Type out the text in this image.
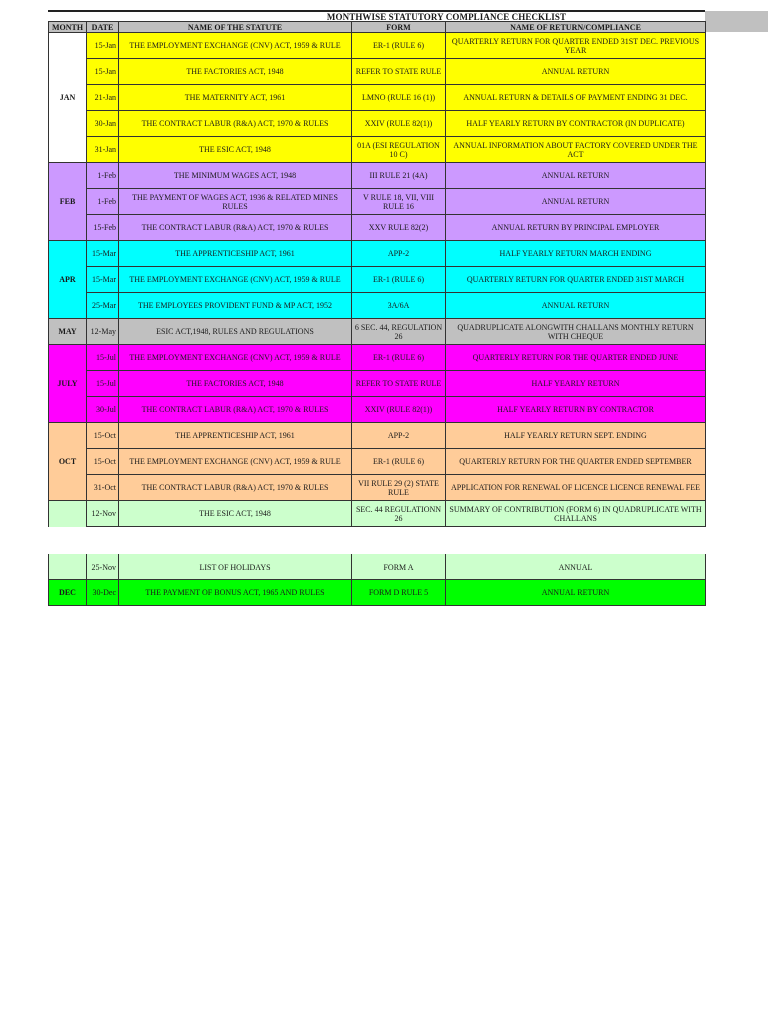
MONTHWISE STATUTORY COMPLIANCE CHECKLIST
MONTH	DATE	NAME OF THE STATUTE	FORM	NAME OF RETURN/COMPLIANCE
JAN	15-Jan	THE EMPLOYMENT EXCHANGE (CNV) ACT, 1959 & RULE	ER-1 (RULE 6)	QUARTERLY RETURN FOR QUARTER ENDED 31ST DEC. PREVIOUS YEAR
	15-Jan	THE FACTORIES ACT, 1948	REFER TO STATE RULE	ANNUAL RETURN
	21-Jan	THE MATERNITY ACT, 1961	LMNO (RULE 16 (1))	ANNUAL RETURN & DETAILS OF PAYMENT ENDING 31 DEC.
	30-Jan	THE CONTRACT LABUR (R&A) ACT, 1970 & RULES	XXIV (RULE 82(1))	HALF YEARLY RETURN BY CONTRACTOR (IN DUPLICATE)
	31-Jan	THE ESIC ACT, 1948	01A (ESI REGULATION 10 C)	ANNUAL INFORMATION ABOUT FACTORY COVERED UNDER THE ACT
FEB	1-Feb	THE MINIMUM WAGES ACT, 1948	III RULE 21 (4A)	ANNUAL RETURN
	1-Feb	THE PAYMENT OF WAGES ACT, 1936 & RELATED MINES RULES	V RULE 18, VII, VIII RULE 16	ANNUAL RETURN
	15-Feb	THE CONTRACT LABUR (R&A) ACT, 1970 & RULES	XXV RULE 82(2)	ANNUAL RETURN BY PRINCIPAL EMPLOYER
APR	15-Mar	THE APPRENTICESHIP ACT, 1961	APP-2	HALF YEARLY RETURN MARCH ENDING
	15-Mar	THE EMPLOYMENT EXCHANGE (CNV) ACT, 1959 & RULE	ER-1 (RULE 6)	QUARTERLY RETURN FOR QUARTER ENDED 31ST MARCH
	25-Mar	THE EMPLOYEES PROVIDENT FUND & MP ACT, 1952	3A/6A	ANNUAL RETURN
MAY	12-May	ESIC ACT,1948, RULES AND REGULATIONS	6 SEC. 44, REGULATION 26	QUADRUPLICATE ALONGWITH CHALLANS MONTHLY RETURN WITH CHEQUE
JULY	15-Jul	THE EMPLOYMENT EXCHANGE (CNV) ACT, 1959 & RULE	ER-1 (RULE 6)	QUARTERLY RETURN FOR THE QUARTER ENDED JUNE
	15-Jul	THE FACTORIES ACT, 1948	REFER TO STATE RULE	HALF YEARLY RETURN
	30-Jul	THE CONTRACT LABUR (R&A) ACT, 1970 & RULES	XXIV (RULE 82(1))	HALF YEARLY RETURN BY CONTRACTOR
OCT	15-Oct	THE APPRENTICESHIP ACT, 1961	APP-2	HALF YEARLY RETURN SEPT. ENDING
	15-Oct	THE EMPLOYMENT EXCHANGE (CNV) ACT, 1959 & RULE	ER-1 (RULE 6)	QUARTERLY RETURN FOR THE QUARTER ENDED SEPTEMBER
	31-Oct	THE CONTRACT LABUR (R&A) ACT, 1970 & RULES	VII RULE 29 (2) STATE RULE	APPLICATION FOR RENEWAL OF LICENCE LICENCE RENEWAL FEE
	12-Nov	THE ESIC ACT, 1948	SEC. 44 REGULATIONN 26	SUMMARY OF CONTRIBUTION (FORM 6) IN QUADRUPLICATE WITH CHALLANS
	25-Nov	LIST OF HOLIDAYS	FORM A	ANNUAL
DEC	30-Dec	THE PAYMENT OF BONUS ACT, 1965 AND RULES	FORM D RULE 5	ANNUAL RETURN
